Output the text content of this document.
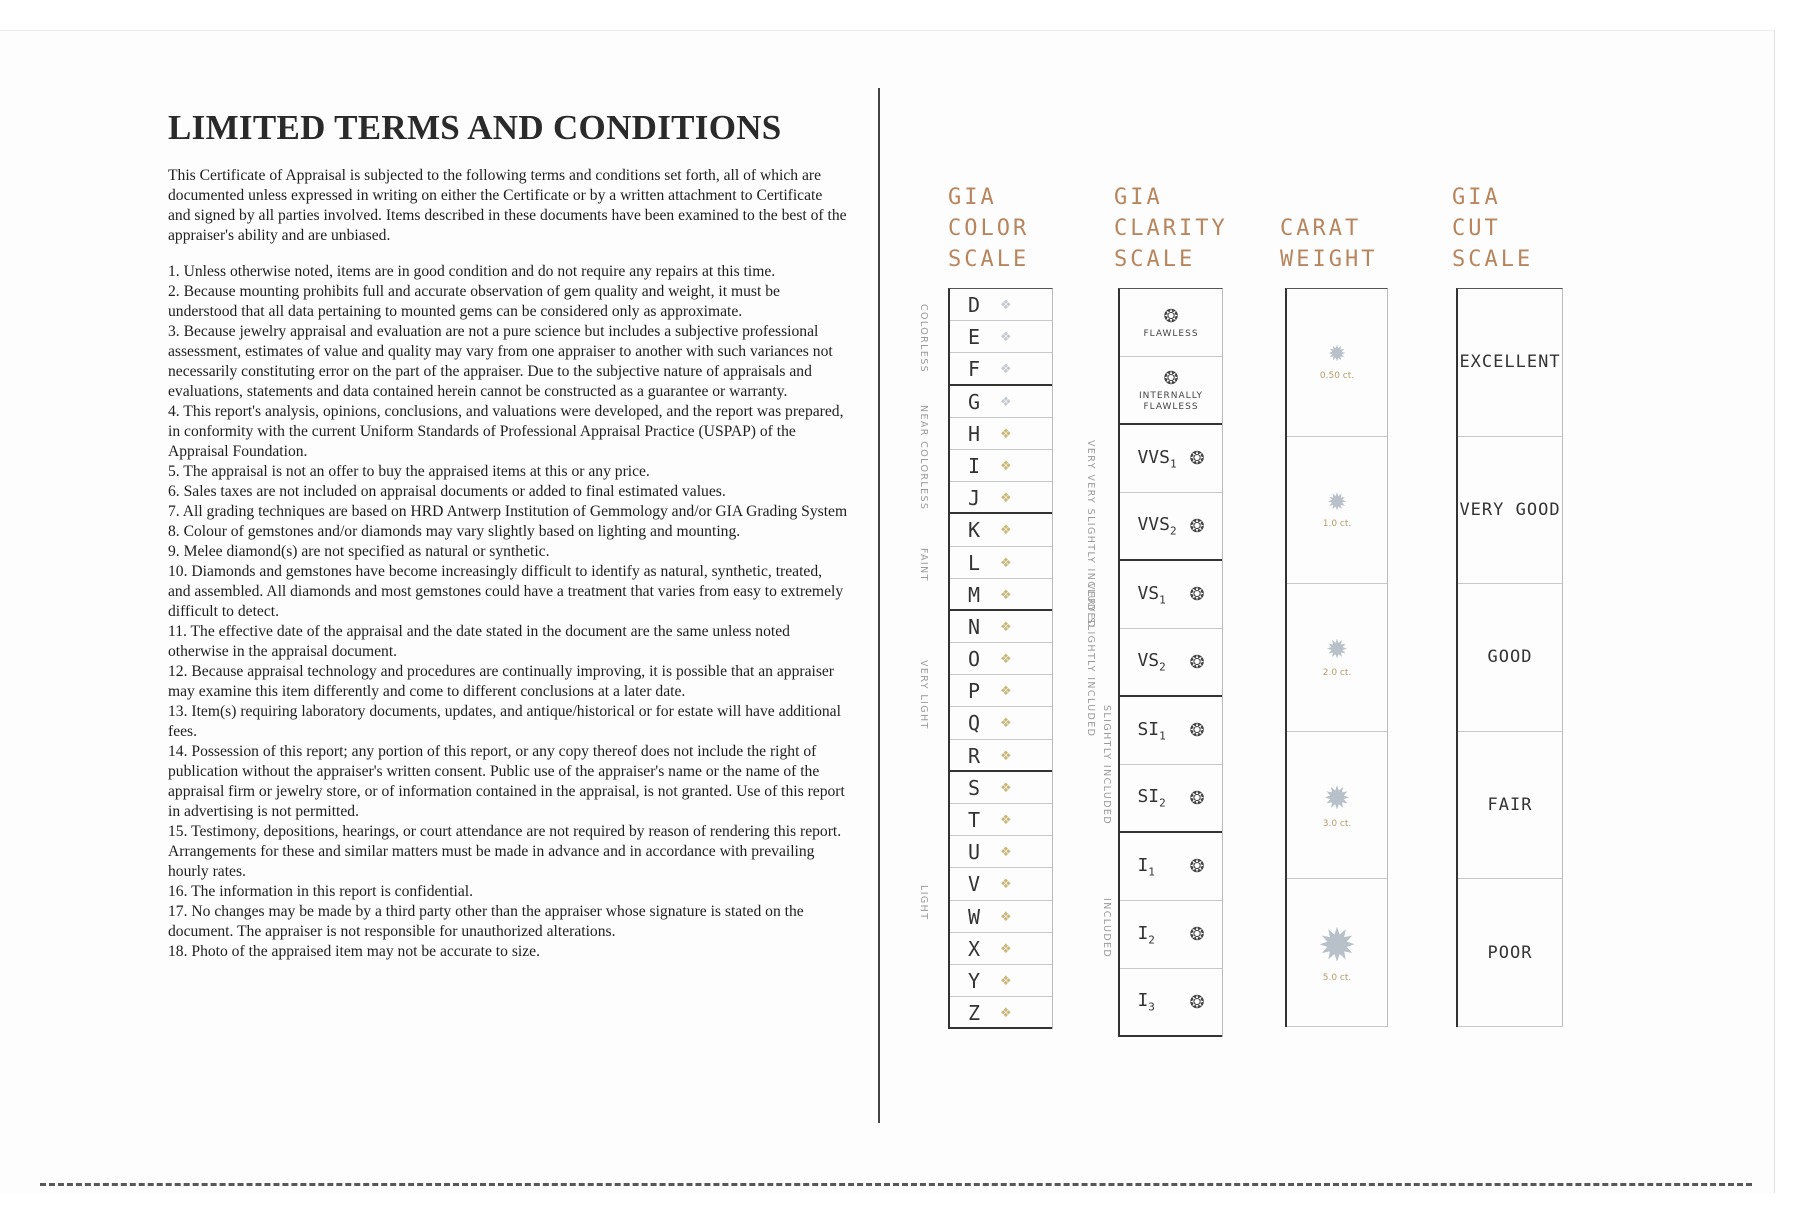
LIMITED TERMS AND CONDITIONS

This Certificate of Appraisal is subjected to the following terms and conditions set forth, all of which are documented unless expressed in writing on either the Certificate or by a written attachment to Certificate and signed by all parties involved. Items described in these documents have been examined to the best of the appraiser's ability and are unbiased.

1. Unless otherwise noted, items are in good condition and do not require any repairs at this time.
2. Because mounting prohibits full and accurate observation of gem quality and weight, it must be understood that all data pertaining to mounted gems can be considered only as approximate.
3. Because jewelry appraisal and evaluation are not a pure science but includes a subjective professional assessment, estimates of value and quality may vary from one appraiser to another with such variances not necessarily constituting error on the part of the appraiser. Due to the subjective nature of appraisals and evaluations, statements and data contained herein cannot be constructed as a guarantee or warranty.
4. This report's analysis, opinions, conclusions, and valuations were developed, and the report was prepared, in conformity with the current Uniform Standards of Professional Appraisal Practice (USPAP) of the Appraisal Foundation.
5. The appraisal is not an offer to buy the appraised items at this or any price.
6. Sales taxes are not included on appraisal documents or added to final estimated values.
7. All grading techniques are based on HRD Antwerp Institution of Gemmology and/or GIA Grading System
8. Colour of gemstones and/or diamonds may vary slightly based on lighting and mounting.
9. Melee diamond(s) are not specified as natural or synthetic.
10. Diamonds and gemstones have become increasingly difficult to identify as natural, synthetic, treated, and assembled. All diamonds and most gemstones could have a treatment that varies from easy to extremely difficult to detect.
11. The effective date of the appraisal and the date stated in the document are the same unless noted otherwise in the appraisal document.
12. Because appraisal technology and procedures are continually improving, it is possible that an appraiser may examine this item differently and come to different conclusions at a later date.
13. Item(s) requiring laboratory documents, updates, and antique/historical or for estate will have additional fees.
14. Possession of this report; any portion of this report, or any copy thereof does not include the right of publication without the appraiser's written consent. Public use of the appraiser's name or the name of the appraisal firm or jewelry store, or of information contained in the appraisal, is not granted. Use of this report in advertising is not permitted.
15. Testimony, depositions, hearings, or court attendance are not required by reason of rendering this report. Arrangements for these and similar matters must be made in advance and in accordance with prevailing hourly rates.
16. The information in this report is confidential.
17. No changes may be made by a third party other than the appraiser whose signature is stated on the document. The appraiser is not responsible for unauthorized alterations.
18. Photo of the appraised item may not be accurate to size.
GIA
COLOR
SCALE
GIA
CLARITY
SCALE
CARAT
WEIGHT
GIA
CUT
SCALE
D ❖
E ❖
F ❖
G ❖
H ❖
I ❖
J ❖
K ❖
L ❖
M ❖
N ❖
O ❖
P ❖
Q ❖
R ❖
S ❖
T ❖
U ❖
V ❖
W ❖
X ❖
Y ❖
Z ❖
COLORLESS
NEAR COLORLESS
FAINT
VERY LIGHT
LIGHT
❂
FLAWLESS
❂
INTERNALLY FLAWLESS
$VVS_1$ ❂
$VVS_2$ ❂
$VS_1$	❂
$VS_2$	❂
$SI_1$	❂
$SI_2$	❂
$I_1$	❂
$I_2$	❂
$I_3$	❂
VERY VERY SLIGHTLY INCLUDED
VERY SLIGHTLY INCLUDED
SLIGHTLY INCLUDED
INCLUDED
✹
0.50 ct.
✹
1.0 ct.
✹
2.0 ct.
✹
3.0 ct.
✹
5.0 ct.
EXCELLENT
VERY GOOD
GOOD
FAIR
POOR
